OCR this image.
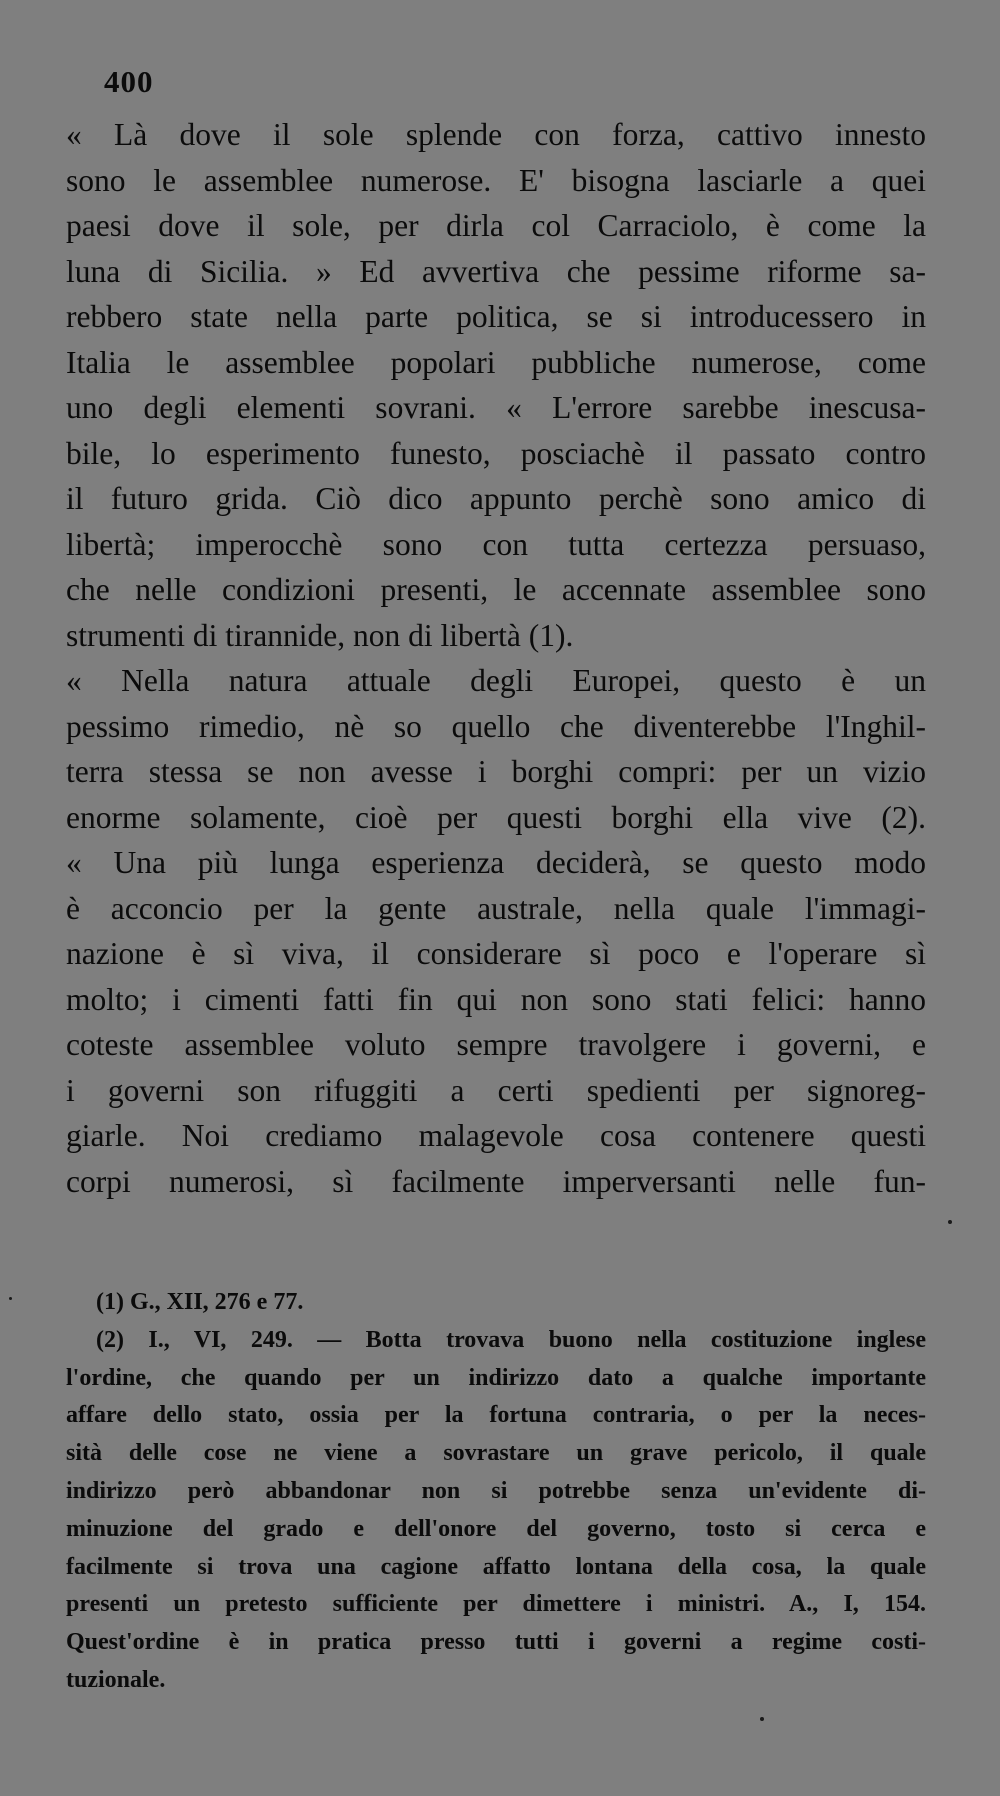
400
« Là dove il sole splende con forza, cattivo innesto
sono le assemblee numerose. E' bisogna lasciarle a quei
paesi dove il sole, per dirla col Carraciolo, è come la
luna di Sicilia. » Ed avvertiva che pessime riforme sa-
rebbero state nella parte politica, se si introducessero in
Italia le assemblee popolari pubbliche numerose, come
uno degli elementi sovrani. « L'errore sarebbe inescusa-
bile, lo esperimento funesto, posciachè il passato contro
il futuro grida. Ciò dico appunto perchè sono amico di
libertà; imperocchè sono con tutta certezza persuaso,
che nelle condizioni presenti, le accennate assemblee sono
strumenti di tirannide, non di libertà (1).
« Nella natura attuale degli Europei, questo è un
pessimo rimedio, nè so quello che diventerebbe l'Inghil-
terra stessa se non avesse i borghi compri: per un vizio
enorme solamente, cioè per questi borghi ella vive (2).
« Una più lunga esperienza deciderà, se questo modo
è acconcio per la gente australe, nella quale l'immagi-
nazione è sì viva, il considerare sì poco e l'operare sì
molto; i cimenti fatti fin qui non sono stati felici: hanno
coteste assemblee voluto sempre travolgere i governi, e
i governi son rifuggiti a certi spedienti per signoreg-
giarle. Noi crediamo malagevole cosa contenere questi
corpi numerosi, sì facilmente imperversanti nelle fun-
(1) G., XII, 276 e 77.
(2) I., VI, 249. — Botta trovava buono nella costituzione inglese
l'ordine, che quando per un indirizzo dato a qualche importante
affare dello stato, ossia per la fortuna contraria, o per la neces-
sità delle cose ne viene a sovrastare un grave pericolo, il quale
indirizzo però abbandonar non si potrebbe senza un'evidente di-
minuzione del grado e dell'onore del governo, tosto si cerca e
facilmente si trova una cagione affatto lontana della cosa, la quale
presenti un pretesto sufficiente per dimettere i ministri. A., I, 154.
Quest'ordine è in pratica presso tutti i governi a regime costi-
tuzionale.
